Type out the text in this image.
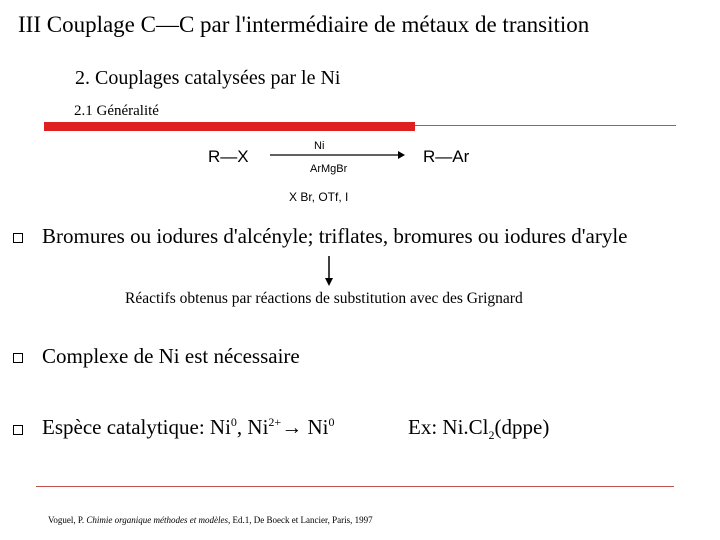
III Couplage C—C par l'intermédiaire de métaux de transition
2. Couplages catalysées par le Ni
2.1 Généralité
R—X
Ni
ArMgBr
R—Ar
X Br, OTf, I
Bromures ou iodures d'alcényle; triflates, bromures ou iodures d'aryle
Réactifs obtenus par réactions de substitution avec des Grignard
Complexe de Ni est nécessaire
Espèce catalytique: Ni$^0$, $Ni^{2+}\to Ni^0$	Ex: $Ni.Cl_2(dppe)$
Voguel, P. Chimie organique méthodes et modèles, Ed.1, De Boeck et Lancier, Paris, 1997
